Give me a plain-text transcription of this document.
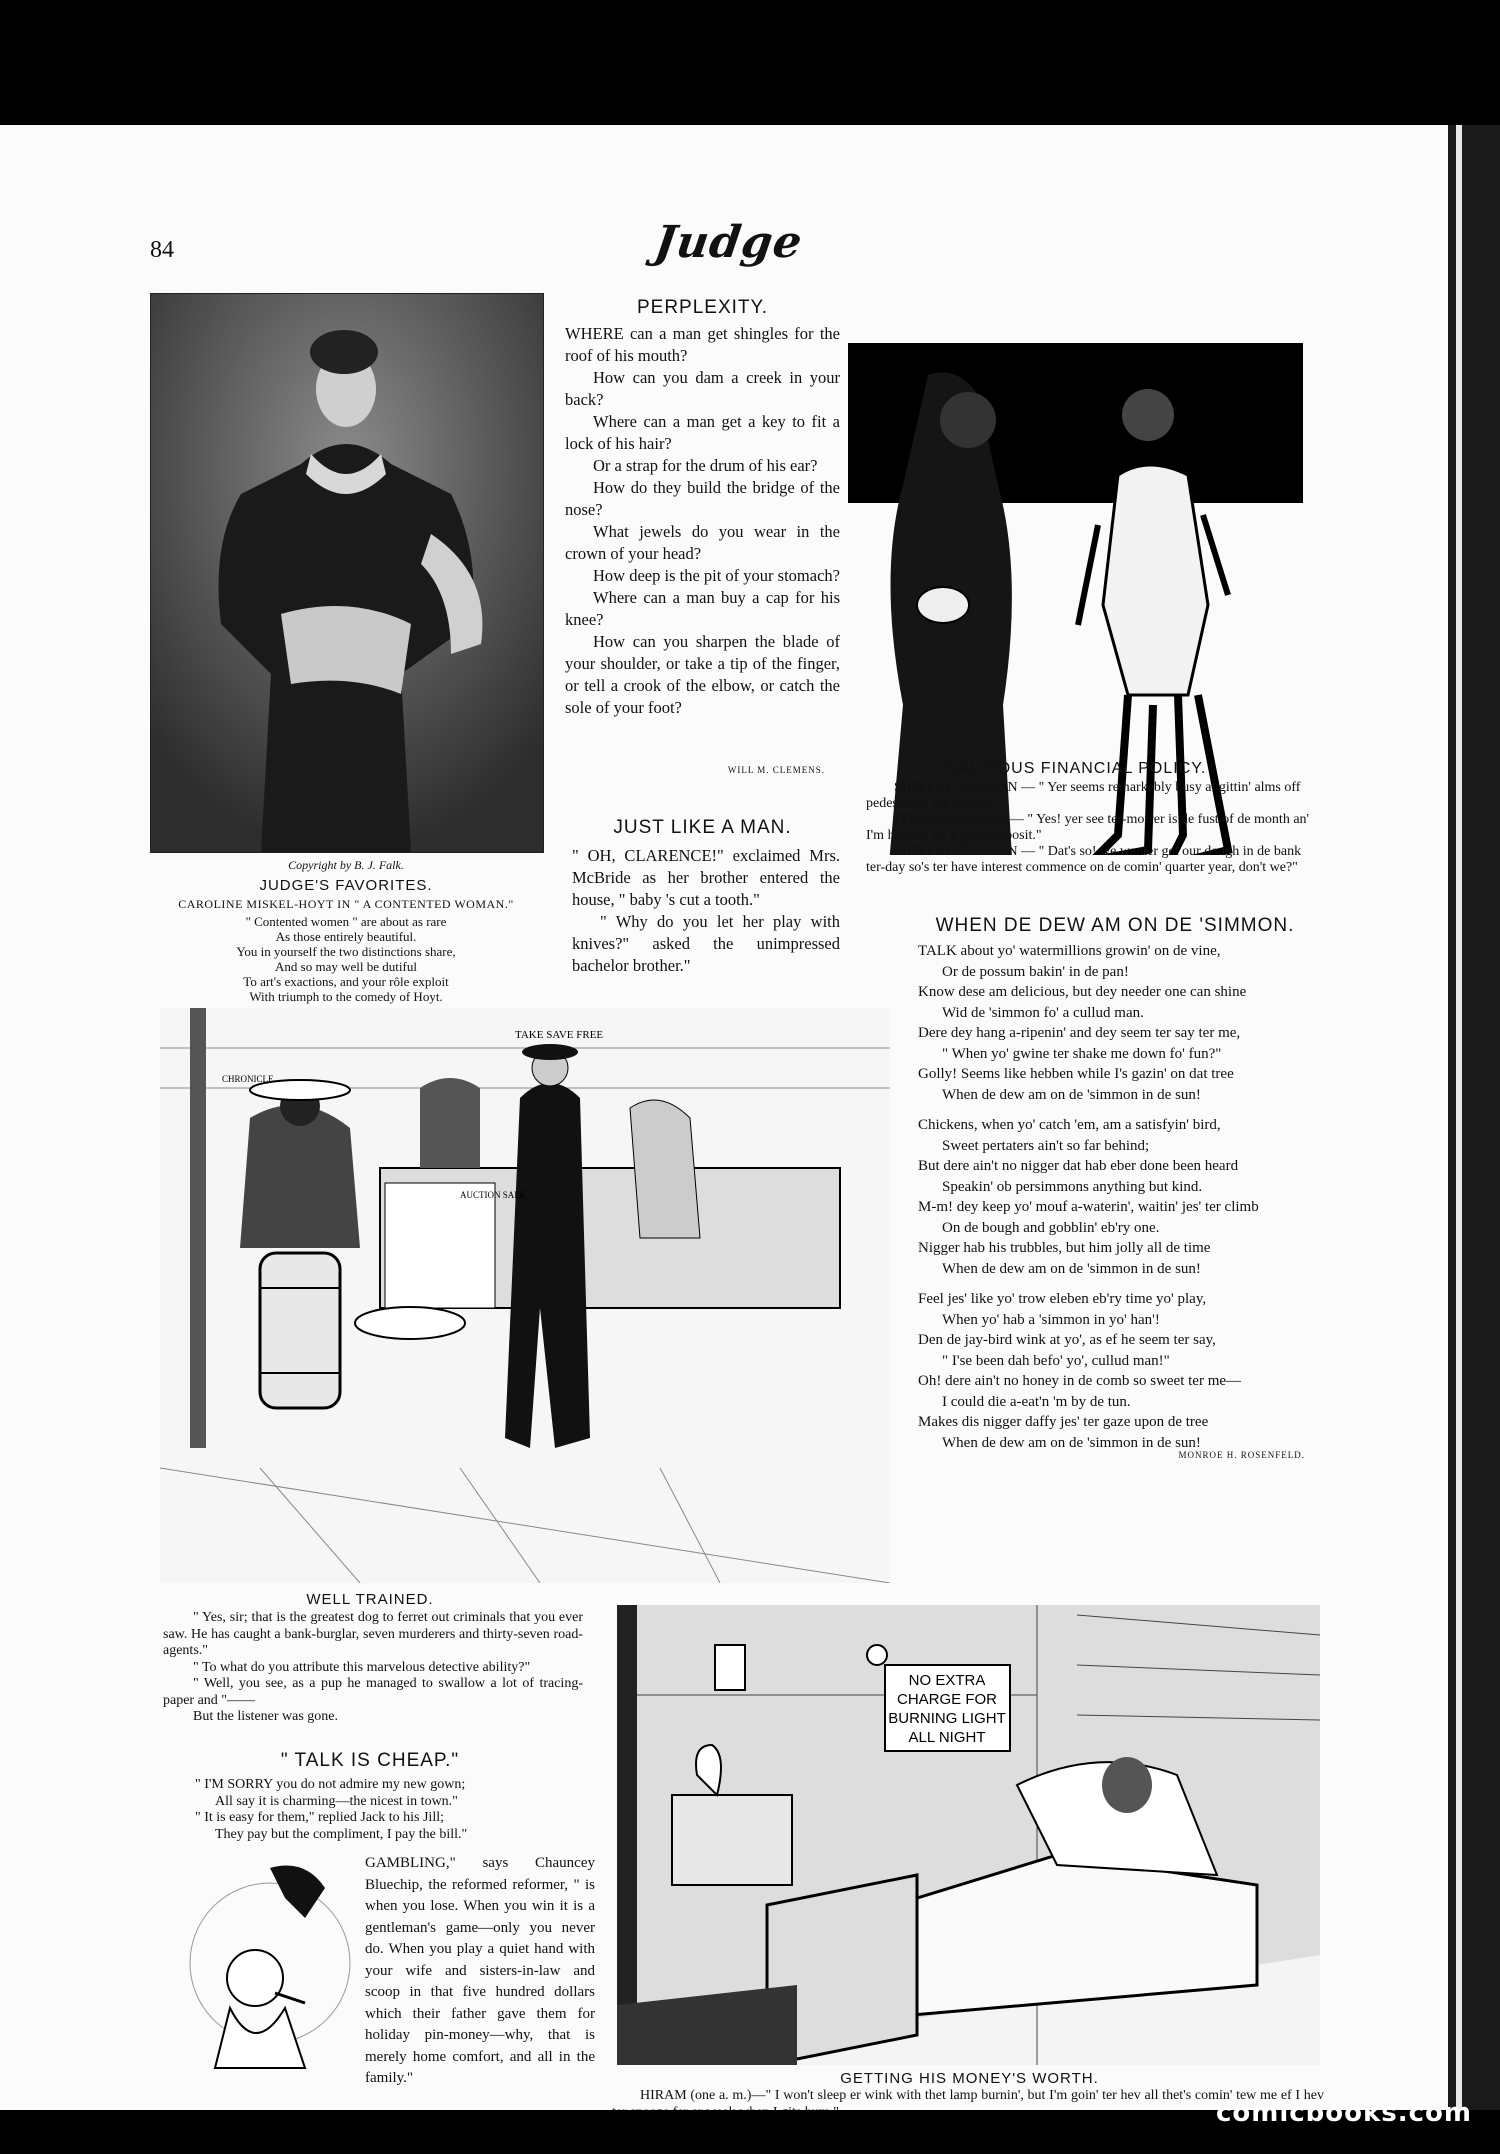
84	Judge
Copyright by B. J. Falk.
JUDGE'S FAVORITES.
CAROLINE MISKEL-HOYT IN " A CONTENTED WOMAN."
" Contented women " are about as rare
As those entirely beautiful.
You in yourself the two distinctions share,
And so may well be dutiful
To art's exactions, and your rôle exploit
With triumph to the comedy of Hoyt.
PERPLEXITY.

WHERE can a man get shingles for the roof of his mouth?

How can you dam a creek in your back?

Where can a man get a key to fit a lock of his hair?

Or a strap for the drum of his ear?

How do they build the bridge of the nose?

What jewels do you wear in the crown of your head?

How deep is the pit of your stomach?

Where can a man buy a cap for his knee?

How can you sharpen the blade of your shoulder, or take a tip of the finger, or tell a crook of the elbow, or catch the sole of your foot?

WILL M. CLEMENS.
JUST LIKE A MAN.

" OH, CLARENCE!" exclaimed Mrs. McBride as her brother entered the house, " baby 's cut a tooth."

" Why do you let her play with knives?" asked the unimpressed bachelor brother."

CAUTIOUS FINANCIAL POLICY.

SHIVERY SIMPSON — " Yer seems remarkably busy at gittin' alms off pedestrians dis mornin'."

PITEOUS PLEEDS — " Yes! yer see ter-morrer is de fust of de month an' I'm hustlin' fer a good deposit."

SHIVERY SIMPSON — " Dat's so! we wanter get our dough in de bank ter-day so's ter have interest commence on de comin' quarter year, don't we?"

WHEN DE DEW AM ON DE 'SIMMON.
TALK about yo' watermillions growin' on de vine,
Or de possum bakin' in de pan!
Know dese am delicious, but dey needer one can shine
Wid de 'simmon fo' a cullud man.
Dere dey hang a-ripenin' and dey seem ter say ter me,
" When yo' gwine ter shake me down fo' fun?"
Golly! Seems like hebben while I's gazin' on dat tree
When de dew am on de 'simmon in de sun!
Chickens, when yo' catch 'em, am a satisfyin' bird,
Sweet pertaters ain't so far behind;
But dere ain't no nigger dat hab eber done been heard
Speakin' ob persimmons anything but kind.
M-m! dey keep yo' mouf a-waterin', waitin' jes' ter climb
On de bough and gobblin' eb'ry one.
Nigger hab his trubbles, but him jolly all de time
When de dew am on de 'simmon in de sun!
Feel jes' like yo' trow eleben eb'ry time yo' play,
When yo' hab a 'simmon in yo' han'!
Den de jay-bird wink at yo', as ef he seem ter say,
" I'se been dah befo' yo', cullud man!"
Oh! dere ain't no honey in de comb so sweet ter me—
I could die a-eat'n 'm by de tun.
Makes dis nigger daffy jes' ter gaze upon de tree
When de dew am on de 'simmon in de sun!
MONROE H. ROSENFELD.
TAKE SAVE FREE
CHRONICLE
AUCTION SALE
WELL TRAINED.

" Yes, sir; that is the greatest dog to ferret out criminals that you ever saw. He has caught a bank-burglar, seven murderers and thirty-seven road-agents."

" To what do you attribute this marvelous detective ability?"

" Well, you see, as a pup he managed to swallow a lot of tracing-paper and "——

But the listener was gone.

" TALK IS CHEAP."
" I'M SORRY you do not admire my new gown;
All say it is charming—the nicest in town."
" It is easy for them," replied Jack to his Jill;
They pay but the compliment, I pay the bill."
GAMBLING," says Chauncey Bluechip, the reformed reformer, " is when you lose. When you win it is a gentleman's game—only you never do. When you play a quiet hand with your wife and sisters-in-law and scoop in that five hundred dollars which their father gave them for holiday pin-money—why, that is merely home comfort, and all in the family."
NO EXTRA
CHARGE FOR
BURNING LIGHT
ALL NIGHT
GETTING HIS MONEY'S WORTH.
HIRAM (one a. m.)—" I won't sleep er wink with thet lamp burnin', but I'm goin' ter hev all thet's comin' tew me ef I hev
comicbooks.com
